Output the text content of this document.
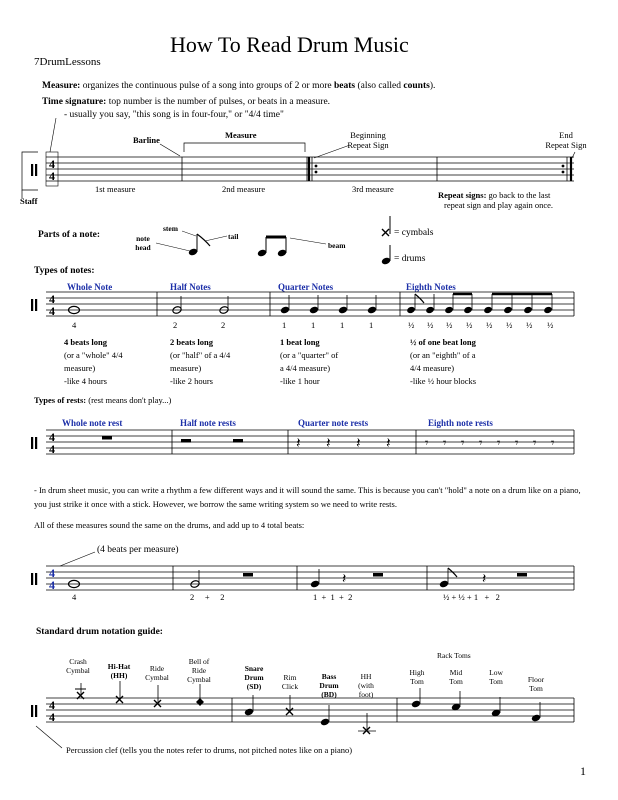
How To Read Drum Music
7DrumLessons
Measure: organizes the continuous pulse of a song into groups of 2 or more beats (also called counts).
Time signature: top number is the number of pulses, or beats in a measure.
- usually you say, "this song is in four-four," or "4/4 time"
Barline	Measure	Beginning
Repeat Sign
End
Repeat Sign
Staff
1st measure	2nd measure	3rd measure
Repeat signs: go back to the last
repeat sign and play again once.
Parts of a note:
stem
note
head
tail
beam
= cymbals
= drums
Types of notes:
Whole Note	Half Notes	Quarter Notes	Eighth Notes
4	2	2	1	1	1	1	½ ½ ½ ½ ½ ½ ½ ½
4 beats long
(or a "whole" 4/4
measure)
-like 4 hours
2 beats long
(or "half" of a 4/4
measure)
-like 2 hours
1 beat long
(or a "quarter" of
a 4/4 measure)
-like 1 hour
½ of one beat long
(or an "eighth" of a
4/4 measure)
-like ½ hour blocks
Types of rests: (rest means don't play...)
Whole note rest	Half note rests	Quarter note rests	Eighth note rests
- In drum sheet music, you can write a rhythm a few different ways and it will sound the same. This is because you can't "hold" a note on a drum like on a piano, you just strike it once with a stick. However, we borrow the same writing system so we need to write rests.
All of these measures sound the same on the drums, and add up to 4 total beats:
(4 beats per measure)
4	2     +     2	1  +  1  +  2	½ + ½ + 1   +   2
Standard drum notation guide:
Crash
Cymbal	Hi-Hat
(HH)
Ride
Cymbal
Bell of
Ride
Cymbal
Snare
Drum
(SD)
Rim
Click
Bass
Drum
(BD)
HH
(with
foot)
Rack Toms
High
Tom
Mid
Tom
Low
Tom	Floor
Tom
Percussion clef (tells you the notes refer to drums, not pitched notes like on a piano)
1
4
4
4
4
4
4	𝄽 𝄽 𝄽 𝄽	𝄾 𝄾 𝄾 𝄾 𝄾 𝄾 𝄾 𝄾
4
4	𝄽	𝄽
4
4
